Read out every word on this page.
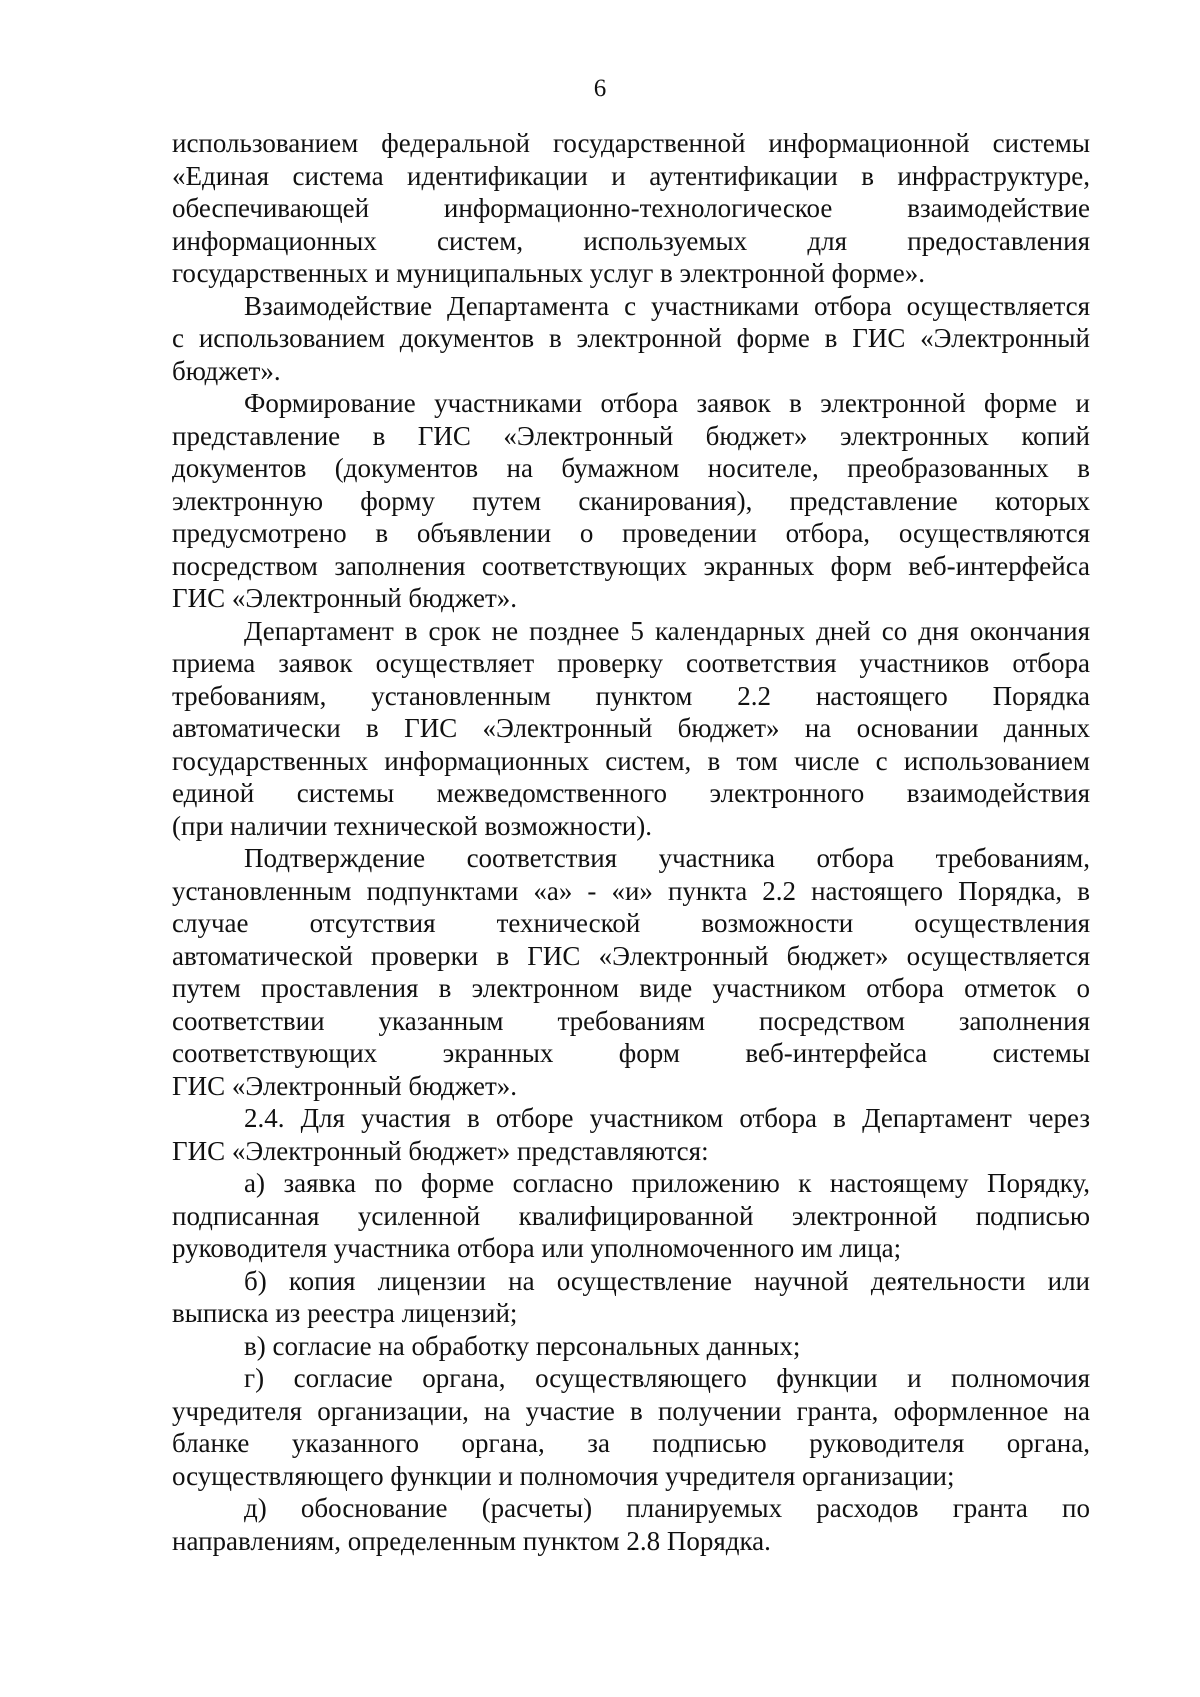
6
использованием федеральной государственной информационной системы
«Единая система идентификации и аутентификации в инфраструктуре,
обеспечивающей информационно-технологическое взаимодействие
информационных систем, используемых для предоставления
государственных и муниципальных услуг в электронной форме».
Взаимодействие Департамента с участниками отбора осуществляется
с использованием документов в электронной форме в ГИС «Электронный
бюджет».
Формирование участниками отбора заявок в электронной форме и
представление в ГИС «Электронный бюджет» электронных копий
документов (документов на бумажном носителе, преобразованных в
электронную форму путем сканирования), представление которых
предусмотрено в объявлении о проведении отбора, осуществляются
посредством заполнения соответствующих экранных форм веб-интерфейса
ГИС «Электронный бюджет».
Департамент в срок не позднее 5 календарных дней со дня окончания
приема заявок осуществляет проверку соответствия участников отбора
требованиям, установленным пунктом 2.2 настоящего Порядка
автоматически в ГИС «Электронный бюджет» на основании данных
государственных информационных систем, в том числе с использованием
единой системы межведомственного электронного взаимодействия
(при наличии технической возможности).
Подтверждение соответствия участника отбора требованиям,
установленным подпунктами «а» - «и» пункта 2.2 настоящего Порядка, в
случае отсутствия технической возможности осуществления
автоматической проверки в ГИС «Электронный бюджет» осуществляется
путем проставления в электронном виде участником отбора отметок о
соответствии указанным требованиям посредством заполнения
соответствующих экранных форм веб-интерфейса системы
ГИС «Электронный бюджет».
2.4. Для участия в отборе участником отбора в Департамент через
ГИС «Электронный бюджет» представляются:
а) заявка по форме согласно приложению к настоящему Порядку,
подписанная усиленной квалифицированной электронной подписью
руководителя участника отбора или уполномоченного им лица;
б) копия лицензии на осуществление научной деятельности или
выписка из реестра лицензий;
в) согласие на обработку персональных данных;
г) согласие органа, осуществляющего функции и полномочия
учредителя организации, на участие в получении гранта, оформленное на
бланке указанного органа, за подписью руководителя органа,
осуществляющего функции и полномочия учредителя организации;
д) обоснование (расчеты) планируемых расходов гранта по
направлениям, определенным пунктом 2.8 Порядка.
